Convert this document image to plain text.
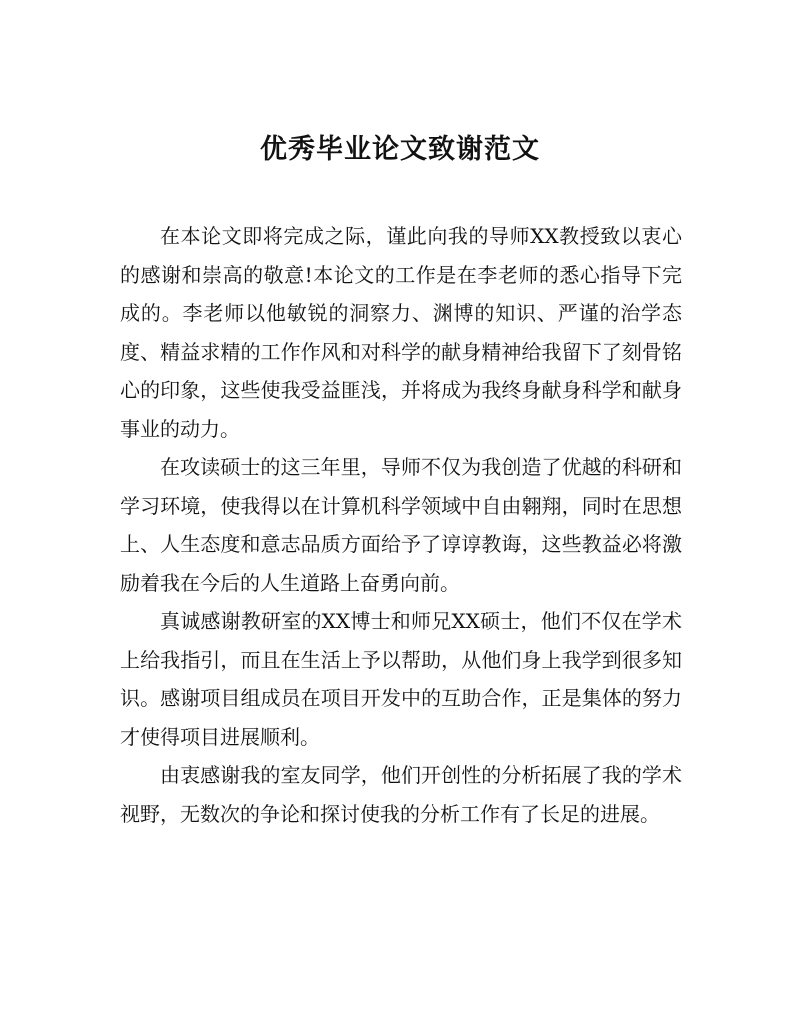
优秀毕业论文致谢范文

在本论文即将完成之际，谨此向我的导师XX教授致以衷心的感谢和崇高的敬意!本论文的工作是在李老师的悉心指导下完成的。李老师以他敏锐的洞察力、渊博的知识、严谨的治学态度、精益求精的工作作风和对科学的献身精神给我留下了刻骨铭心的印象，这些使我受益匪浅，并将成为我终身献身科学和献身事业的动力。

在攻读硕士的这三年里，导师不仅为我创造了优越的科研和学习环境，使我得以在计算机科学领域中自由翱翔，同时在思想上、人生态度和意志品质方面给予了谆谆教诲，这些教益必将激励着我在今后的人生道路上奋勇向前。

真诚感谢教研室的XX博士和师兄XX硕士，他们不仅在学术上给我指引，而且在生活上予以帮助，从他们身上我学到很多知识。感谢项目组成员在项目开发中的互助合作，正是集体的努力才使得项目进展顺利。

由衷感谢我的室友同学，他们开创性的分析拓展了我的学术视野，无数次的争论和探讨使我的分析工作有了长足的进展。
